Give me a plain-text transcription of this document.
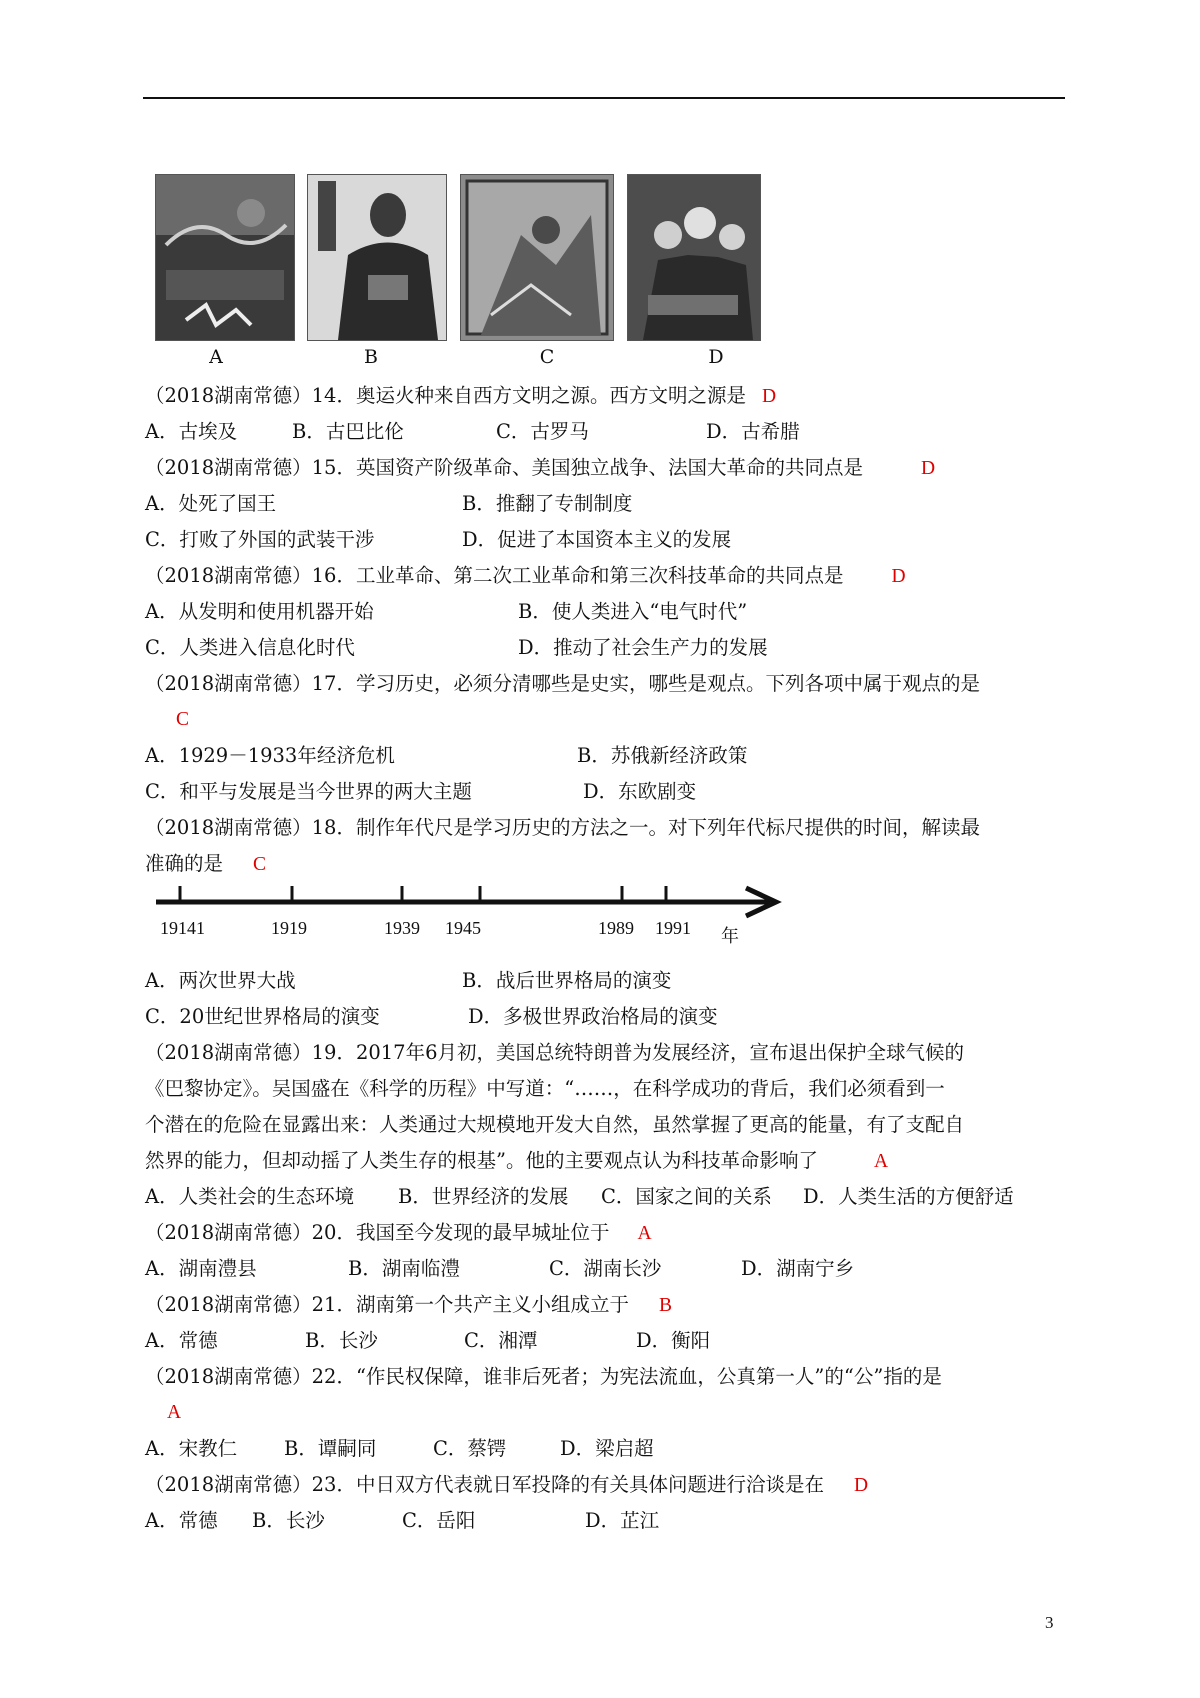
A	B	C	D
（2018湖南常德）14．奥运火种来自西方文明之源。西方文明之源是 D
A．古埃及	B．古巴比伦	C．古罗马	D．古希腊
（2018湖南常德）15．英国资产阶级革命、美国独立战争、法国大革命的共同点是	D
A．处死了国王	B．推翻了专制制度
C．打败了外国的武装干涉	D．促进了本国资本主义的发展
（2018湖南常德）16．工业革命、第二次工业革命和第三次科技革命的共同点是 D
A．从发明和使用机器开始	B．使人类进入“电气时代”
C．人类进入信息化时代	D．推动了社会生产力的发展
（2018湖南常德）17．学习历史，必须分清哪些是史实，哪些是观点。下列各项中属于观点的是
C
A．1929－1933年经济危机	B．苏俄新经济政策
C．和平与发展是当今世界的两大主题	D．东欧剧变
（2018湖南常德）18．制作年代尺是学习历史的方法之一。对下列年代标尺提供的时间，解读最
准确的是 C
19141	1919	1939 1945	1989 1991 年
A．两次世界大战	B．战后世界格局的演变
C．20世纪世界格局的演变	D．多极世界政治格局的演变
（2018湖南常德）19．2017年6月初，美国总统特朗普为发展经济，宣布退出保护全球气候的
《巴黎协定》。吴国盛在《科学的历程》中写道：“……，在科学成功的背后，我们必须看到一
个潜在的危险在显露出来：人类通过大规模地开发大自然，虽然掌握了更高的能量，有了支配自
然界的能力，但却动摇了人类生存的根基”。他的主要观点认为科技革命影响了	A
A．人类社会的生态环境 B．世界经济的发展 C．国家之间的关系 D．人类生活的方便舒适
（2018湖南常德）20．我国至今发现的最早城址位于 A
A．湖南澧县	B．湖南临澧	C．湖南长沙	D．湖南宁乡
（2018湖南常德）21．湖南第一个共产主义小组成立于 B
A．常德	B．长沙	C．湘潭	D．衡阳
（2018湖南常德）22．“作民权保障，谁非后死者；为宪法流血，公真第一人”的“公”指的是
A
A．宋教仁 B．谭嗣同	C．蔡锷	D．梁启超
（2018湖南常德）23．中日双方代表就日军投降的有关具体问题进行洽谈是在 D
A．常德 B．长沙	C．岳阳	D．芷江
3
